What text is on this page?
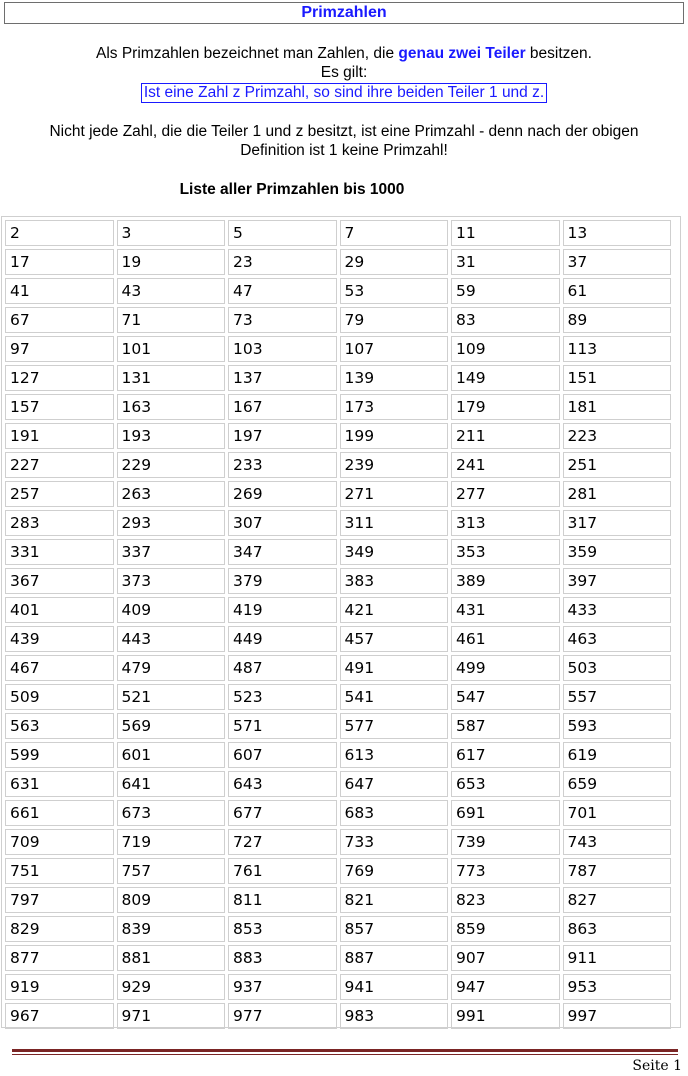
Primzahlen
Als Primzahlen bezeichnet man Zahlen, die genau zwei Teiler besitzen.
Es gilt:
Ist eine Zahl z Primzahl, so sind ihre beiden Teiler 1 und z.
Nicht jede Zahl, die die Teiler 1 und z besitzt, ist eine Primzahl - denn nach der obigen
Definition ist 1 keine Primzahl!
Liste aller Primzahlen bis 1000
2	3	5	7	11	13
17	19	23	29	31	37
41	43	47	53	59	61
67	71	73	79	83	89
97	101	103	107	109	113
127	131	137	139	149	151
157	163	167	173	179	181
191	193	197	199	211	223
227	229	233	239	241	251
257	263	269	271	277	281
283	293	307	311	313	317
331	337	347	349	353	359
367	373	379	383	389	397
401	409	419	421	431	433
439	443	449	457	461	463
467	479	487	491	499	503
509	521	523	541	547	557
563	569	571	577	587	593
599	601	607	613	617	619
631	641	643	647	653	659
661	673	677	683	691	701
709	719	727	733	739	743
751	757	761	769	773	787
797	809	811	821	823	827
829	839	853	857	859	863
877	881	883	887	907	911
919	929	937	941	947	953
967	971	977	983	991	997
Seite 1
